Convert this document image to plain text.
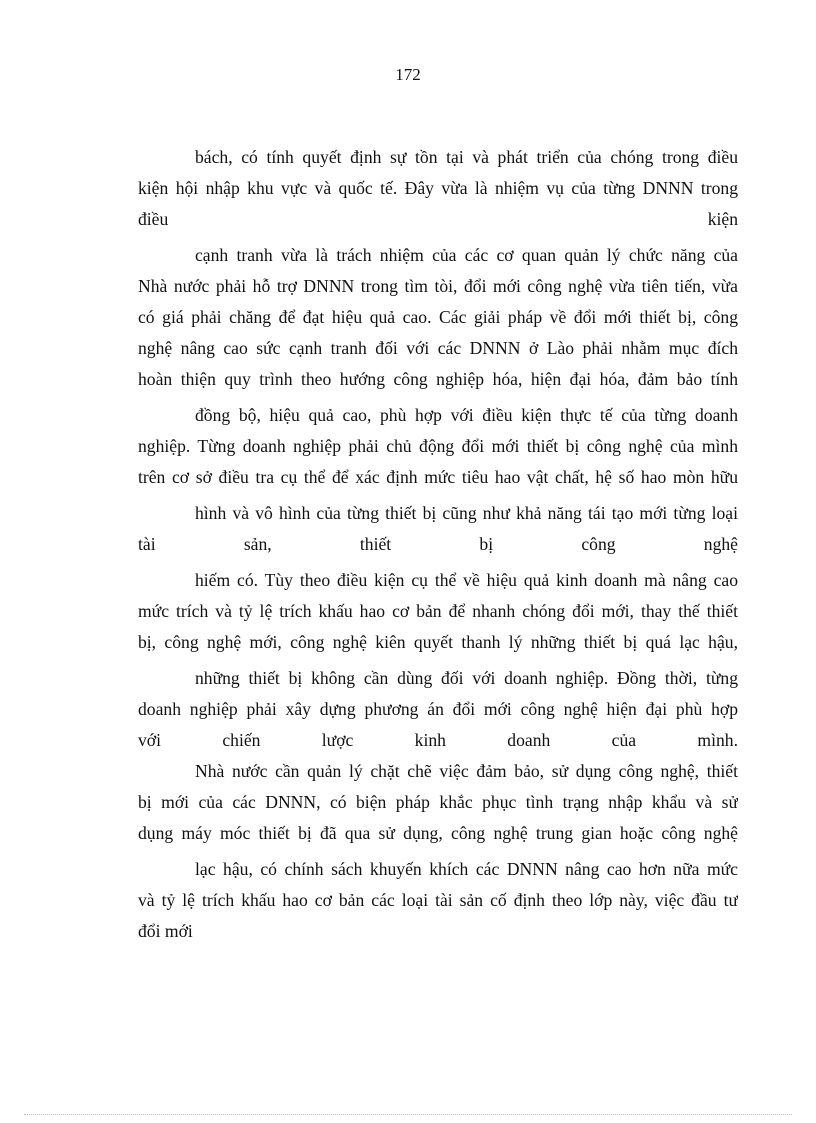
172
bách, có tính quyết định sự tồn tại và phát triển của chóng trong điều
kiện hội nhập khu vực và quốc tế. Đây vừa là nhiệm vụ của từng DNNN trong
điều kiện
cạnh tranh vừa là trách nhiệm của các cơ quan quản lý chức năng của
Nhà nước phải hỗ trợ DNNN trong tìm tòi, đổi mới công nghệ vừa tiên tiến, vừa
có giá phải chăng để đạt hiệu quả cao. Các giải pháp về đổi mới thiết bị, công
nghệ nâng cao sức cạnh tranh đối với các DNNN ở Lào phải nhằm mục đích
hoàn thiện quy trình theo hướng công nghiệp hóa, hiện đại hóa, đảm bảo tính
đồng bộ, hiệu quả cao, phù hợp với điều kiện thực tế của từng doanh
nghiệp. Từng doanh nghiệp phải chủ động đổi mới thiết bị công nghệ của mình
trên cơ sở điều tra cụ thể để xác định mức tiêu hao vật chất, hệ số hao mòn hữu
hình và vô hình của từng thiết bị cũng như khả năng tái tạo mới từng loại
tài sản, thiết bị công nghệ
hiếm có. Tùy theo điều kiện cụ thể về hiệu quả kinh doanh mà nâng cao
mức trích và tỷ lệ trích khấu hao cơ bản để nhanh chóng đổi mới, thay thế thiết
bị, công nghệ mới, công nghệ kiên quyết thanh lý những thiết bị quá lạc hậu,
những thiết bị không cần dùng đối với doanh nghiệp. Đồng thời, từng
doanh nghiệp phải xây dựng phương án đổi mới công nghệ hiện đại phù hợp
với chiến lược kinh doanh của mình.
Nhà nước cần quản lý chặt chẽ việc đảm bảo, sử dụng công nghệ, thiết
bị mới của các DNNN, có biện pháp khắc phục tình trạng nhập khẩu và sử
dụng máy móc thiết bị đã qua sử dụng, công nghệ trung gian hoặc công nghệ
lạc hậu, có chính sách khuyến khích các DNNN nâng cao hơn nữa mức
và tỷ lệ trích khấu hao cơ bản các loại tài sản cố định theo lớp này, việc đầu tư
đổi mới
